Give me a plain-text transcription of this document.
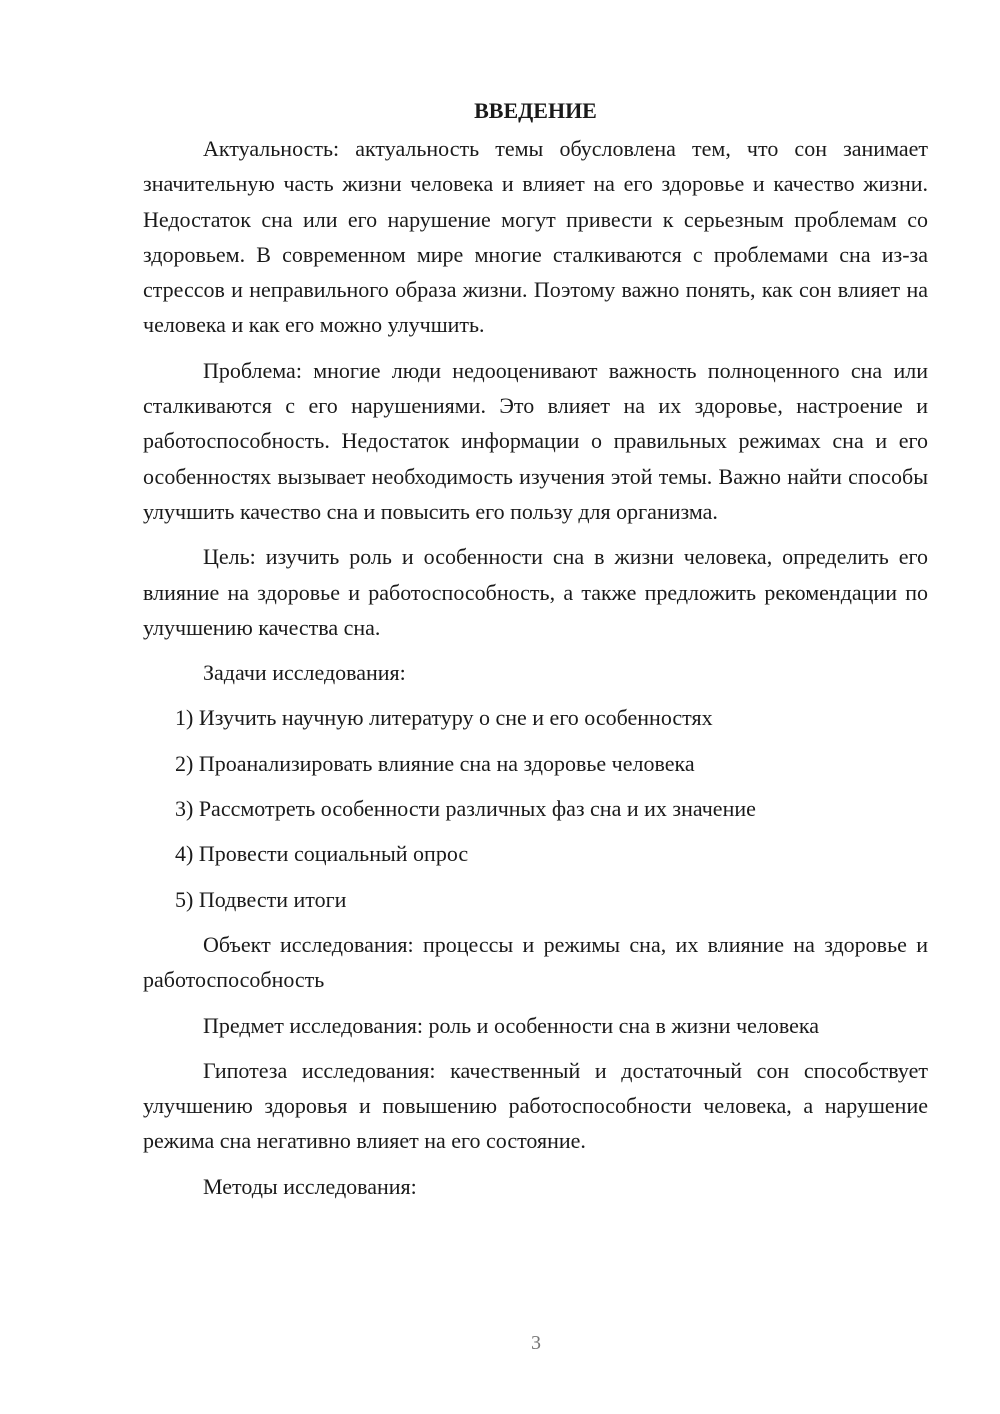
ВВЕДЕНИЕ

Актуальность: актуальность темы обусловлена тем, что сон занимает значительную часть жизни человека и влияет на его здоровье и качество жизни. Недостаток сна или его нарушение могут привести к серьезным проблемам со здоровьем. В современном мире многие сталкиваются с проблемами сна из-за стрессов и неправильного образа жизни. Поэтому важно понять, как сон влияет на человека и как его можно улучшить.

Проблема: многие люди недооценивают важность полноценного сна или сталкиваются с его нарушениями. Это влияет на их здоровье, настроение и работоспособность. Недостаток информации о правильных режимах сна и его особенностях вызывает необходимость изучения этой темы. Важно найти способы улучшить качество сна и повысить его пользу для организма.

Цель: изучить роль и особенности сна в жизни человека, определить его влияние на здоровье и работоспособность, а также предложить рекомендации по улучшению качества сна.

Задачи исследования:

1) Изучить научную литературу о сне и его особенностях

2) Проанализировать влияние сна на здоровье человека

3) Рассмотреть особенности различных фаз сна и их значение

4) Провести социальный опрос

5) Подвести итоги

Объект исследования: процессы и режимы сна, их влияние на здоровье и работоспособность

Предмет исследования: роль и особенности сна в жизни человека

Гипотеза исследования: качественный и достаточный сон способствует улучшению здоровья и повышению работоспособности человека, а нарушение режима сна негативно влияет на его состояние.

Методы исследования:

3
